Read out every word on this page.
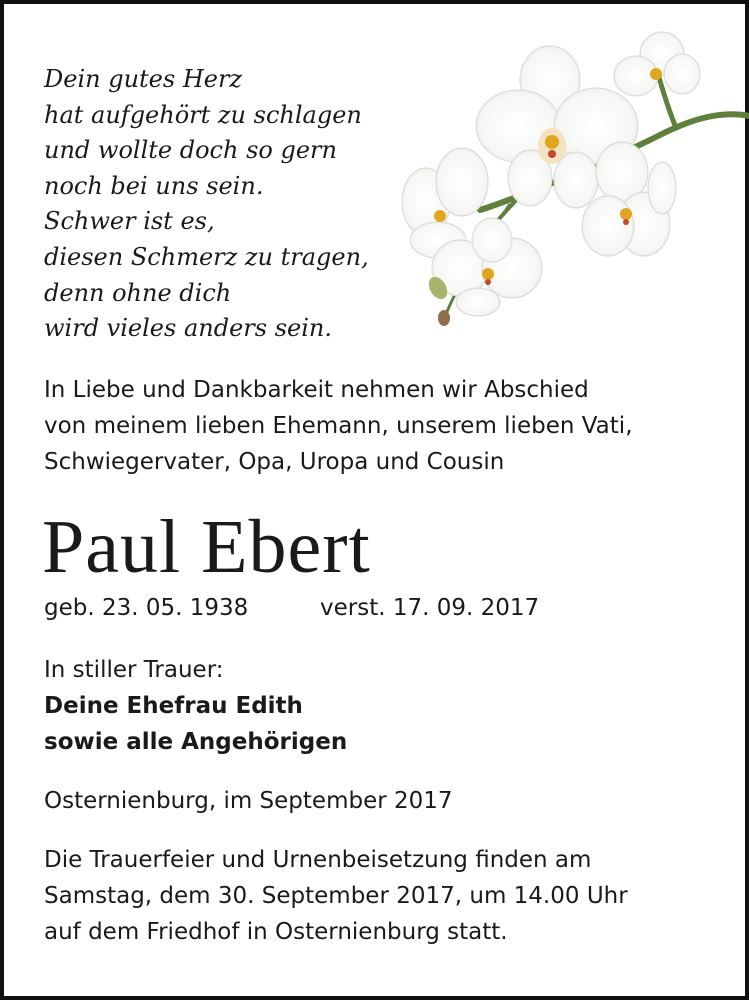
Dein gutes Herz
hat aufgehört zu schlagen
und wollte doch so gern
noch bei uns sein.
Schwer ist es,
diesen Schmerz zu tragen,
denn ohne dich
wird vieles anders sein.
In Liebe und Dankbarkeit nehmen wir Abschied
von meinem lieben Ehemann, unserem lieben Vati,
Schwiegervater, Opa, Uropa und Cousin
Paul Ebert
geb. 23. 05. 1938	verst. 17. 09. 2017
In stiller Trauer:
Deine Ehefrau Edith
sowie alle Angehörigen
Osternienburg, im September 2017
Die Trauerfeier und Urnenbeisetzung finden am
Samstag, dem 30. September 2017, um 14.00 Uhr
auf dem Friedhof in Osternienburg statt.
